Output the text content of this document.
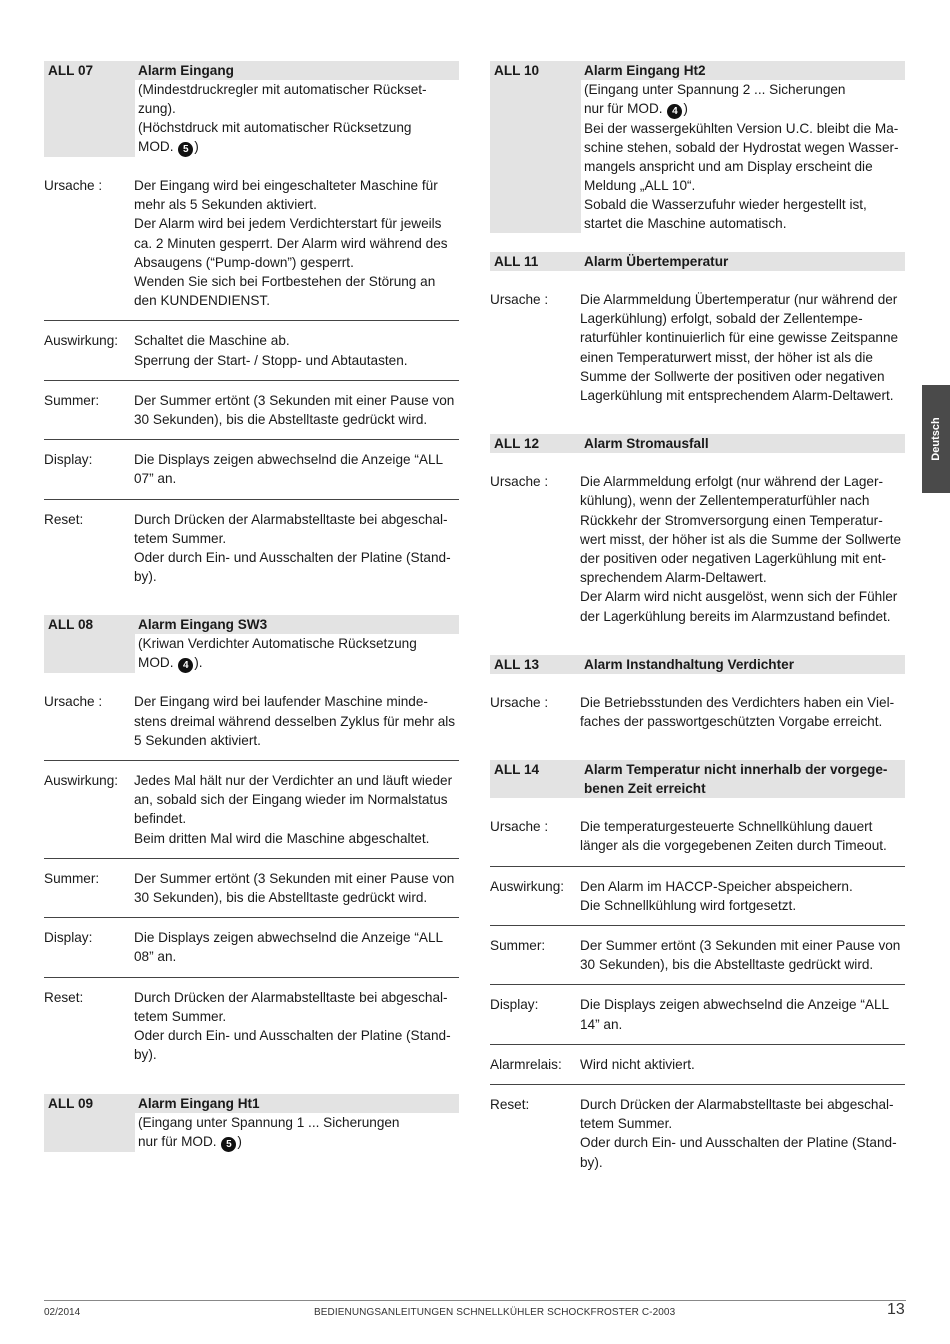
ALL 07	Alarm Eingang
(Mindestdruckregler mit automatischer Rückset-zung).
(Höchstdruck mit automatischer Rücksetzung
MOD. 5 )
Ursache :	Der Eingang wird bei eingeschalteter Maschine für mehr als 5 Sekunden aktiviert.
Der Alarm wird bei jedem Verdichterstart für jeweils ca. 2 Minuten gesperrt. Der Alarm wird während des Absaugens (“Pump-down”) gesperrt.
Wenden Sie sich bei Fortbestehen der Störung an den KUNDENDIENST.
Auswirkung:	Schaltet die Maschine ab.
Sperrung der Start- / Stopp- und Abtautasten.
Summer:	Der Summer ertönt (3 Sekunden mit einer Pause von 30 Sekunden), bis die Abstelltaste gedrückt wird.
Display:	Die Displays zeigen abwechselnd die Anzeige “ALL 07” an.
Reset:	Durch Drücken der Alarmabstelltaste bei abgeschal-tetem Summer.
Oder durch Ein- und Ausschalten der Platine (Stand-by).
ALL 08	Alarm Eingang SW3
(Kriwan Verdichter Automatische Rücksetzung
MOD. 4 ).
Ursache :	Der Eingang wird bei laufender Maschine minde-stens dreimal während desselben Zyklus für mehr als 5 Sekunden aktiviert.
Auswirkung:	Jedes Mal hält nur der Verdichter an und läuft wieder an, sobald sich der Eingang wieder im Normalstatus befindet.
Beim dritten Mal wird die Maschine abgeschaltet.
Summer:	Der Summer ertönt (3 Sekunden mit einer Pause von 30 Sekunden), bis die Abstelltaste gedrückt wird.
Display:	Die Displays zeigen abwechselnd die Anzeige “ALL 08” an.
Reset:	Durch Drücken der Alarmabstelltaste bei abgeschal-tetem Summer.
Oder durch Ein- und Ausschalten der Platine (Stand-by).
ALL 09	Alarm Eingang Ht1
(Eingang unter Spannung 1 ... Sicherungen
nur für MOD. 5 )
ALL 10	Alarm Eingang Ht2
(Eingang unter Spannung 2 ... Sicherungen
nur für MOD. 4 )
Bei der wassergekühlten Version U.C. bleibt die Ma-schine stehen, sobald der Hydrostat wegen Wasser-mangels anspricht und am Display erscheint die Meldung „ALL 10“.
Sobald die Wasserzufuhr wieder hergestellt ist, startet die Maschine automatisch.
ALL 11	Alarm Übertemperatur
Ursache :	Die Alarmmeldung Übertemperatur (nur während der Lagerkühlung) erfolgt, sobald der Zellentempe-raturfühler kontinuierlich für eine gewisse Zeitspanne einen Temperaturwert misst, der höher ist als die Summe der Sollwerte der positiven oder negativen Lagerkühlung mit entsprechendem Alarm-Deltawert.
ALL 12	Alarm Stromausfall
Ursache :	Die Alarmmeldung erfolgt (nur während der Lager-kühlung), wenn der Zellentemperaturfühler nach Rückkehr der Stromversorgung einen Temperatur-wert misst, der höher ist als die Summe der Sollwerte der positiven oder negativen Lagerkühlung mit ent-sprechendem Alarm-Deltawert.
Der Alarm wird nicht ausgelöst, wenn sich der Fühler der Lagerkühlung bereits im Alarmzustand befindet.
ALL 13	Alarm Instandhaltung Verdichter
Ursache :	Die Betriebsstunden des Verdichters haben ein Viel-faches der passwortgeschützten Vorgabe erreicht.
ALL 14	Alarm Temperatur nicht innerhalb der vorgege-benen Zeit erreicht
Ursache :	Die temperaturgesteuerte Schnellkühlung dauert länger als die vorgegebenen Zeiten durch Timeout.
Auswirkung:	Den Alarm im HACCP-Speicher abspeichern.
Die Schnellkühlung wird fortgesetzt.
Summer:	Der Summer ertönt (3 Sekunden mit einer Pause von 30 Sekunden), bis die Abstelltaste gedrückt wird.
Display:	Die Displays zeigen abwechselnd die Anzeige “ALL 14” an.
Alarmrelais:	Wird nicht aktiviert.
Reset:	Durch Drücken der Alarmabstelltaste bei abgeschal-tetem Summer.
Oder durch Ein- und Ausschalten der Platine (Stand-by).
Deutsch
02/2014	BEDIENUNGSANLEITUNGEN SCHNELLKÜHLER SCHOCKFROSTER C-2003	13
